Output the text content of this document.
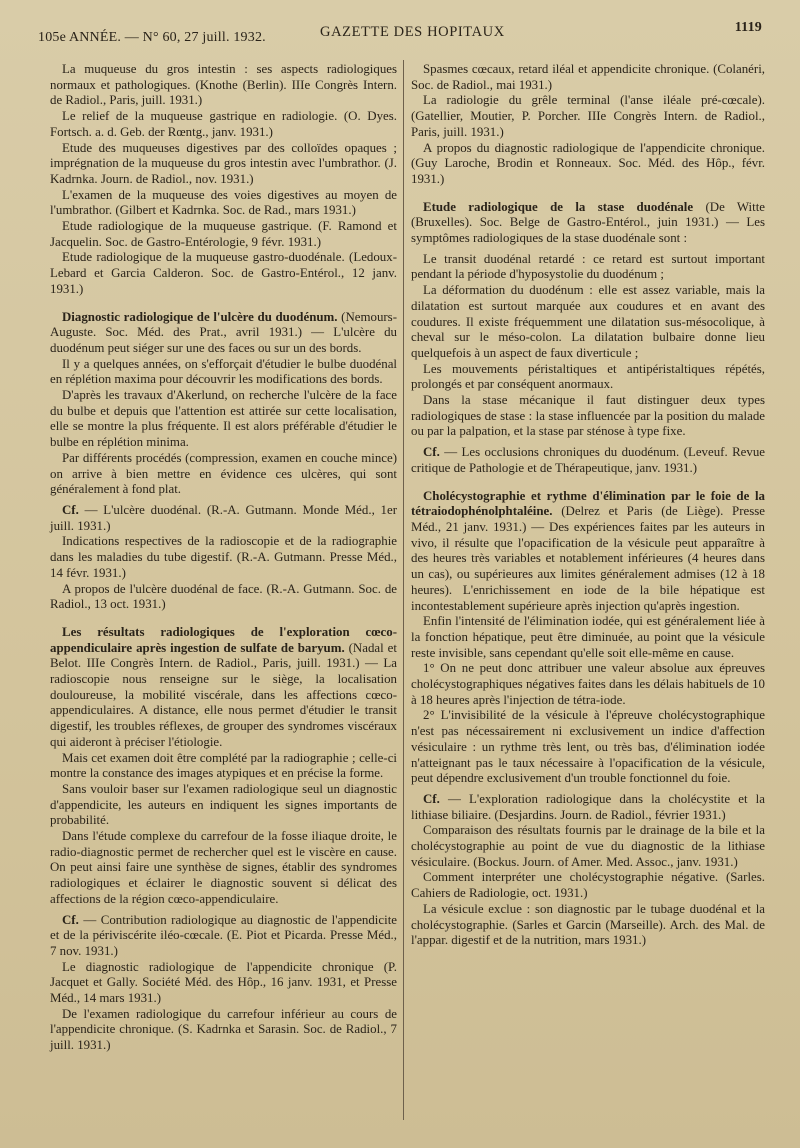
105e ANNÉE. — N° 60, 27 juill. 1932.	GAZETTE DES HOPITAUX	1119

La muqueuse du gros intestin : ses aspects radiologiques normaux et pathologiques. (Knothe (Berlin). IIIe Congrès Intern. de Radiol., Paris, juill. 1931.)

Le relief de la muqueuse gastrique en radiologie. (O. Dyes. Fortsch. a. d. Geb. der Rœntg., janv. 1931.)

Etude des muqueuses digestives par des colloïdes opaques ; imprégnation de la muqueuse du gros intestin avec l'umbrathor. (J. Kadrnka. Journ. de Radiol., nov. 1931.)

L'examen de la muqueuse des voies digestives au moyen de l'umbrathor. (Gilbert et Kadrnka. Soc. de Rad., mars 1931.)

Etude radiologique de la muqueuse gastrique. (F. Ramond et Jacquelin. Soc. de Gastro-Entérologie, 9 févr. 1931.)

Etude radiologique de la muqueuse gastro-duodénale. (Ledoux-Lebard et Garcia Calderon. Soc. de Gastro-Entérol., 12 janv. 1931.)

Diagnostic radiologique de l'ulcère du duodénum. (Nemours-Auguste. Soc. Méd. des Prat., avril 1931.) — L'ulcère du duodénum peut siéger sur une des faces ou sur un des bords.

Il y a quelques années, on s'efforçait d'étudier le bulbe duodénal en réplétion maxima pour découvrir les modifications des bords.

D'après les travaux d'Akerlund, on recherche l'ulcère de la face du bulbe et depuis que l'attention est attirée sur cette localisation, elle se montre la plus fréquente. Il est alors préférable d'étudier le bulbe en réplétion minima.

Par différents procédés (compression, examen en couche mince) on arrive à bien mettre en évidence ces ulcères, qui sont généralement à fond plat.

Cf. — L'ulcère duodénal. (R.-A. Gutmann. Monde Méd., 1er juill. 1931.)

Indications respectives de la radioscopie et de la radiographie dans les maladies du tube digestif. (R.-A. Gutmann. Presse Méd., 14 févr. 1931.)

A propos de l'ulcère duodénal de face. (R.-A. Gutmann. Soc. de Radiol., 13 oct. 1931.)

Les résultats radiologiques de l'exploration cœco-appendiculaire après ingestion de sulfate de baryum. (Nadal et Belot. IIIe Congrès Intern. de Radiol., Paris, juill. 1931.) — La radioscopie nous renseigne sur le siège, la localisation douloureuse, la mobilité viscérale, dans les affections cœco-appendiculaires. A distance, elle nous permet d'étudier le transit digestif, les troubles réflexes, de grouper des syndromes viscéraux qui aideront à préciser l'étiologie.

Mais cet examen doit être complété par la radiographie ; celle-ci montre la constance des images atypiques et en précise la forme.

Sans vouloir baser sur l'examen radiologique seul un diagnostic d'appendicite, les auteurs en indiquent les signes importants de probabilité.

Dans l'étude complexe du carrefour de la fosse iliaque droite, le radio-diagnostic permet de rechercher quel est le viscère en cause. On peut ainsi faire une synthèse de signes, établir des syndromes radiologiques et éclairer le diagnostic souvent si délicat des affections de la région cœco-appendiculaire.

Cf. — Contribution radiologique au diagnostic de l'appendicite et de la périviscérite iléo-cœcale. (E. Piot et Picarda. Presse Méd., 7 nov. 1931.)

Le diagnostic radiologique de l'appendicite chronique (P. Jacquet et Gally. Société Méd. des Hôp., 16 janv. 1931, et Presse Méd., 14 mars 1931.)

De l'examen radiologique du carrefour inférieur au cours de l'appendicite chronique. (S. Kadrnka et Sarasin. Soc. de Radiol., 7 juill. 1931.)

Spasmes cœcaux, retard iléal et appendicite chronique. (Colanéri, Soc. de Radiol., mai 1931.)

La radiologie du grêle terminal (l'anse iléale pré-cœcale). (Gatellier, Moutier, P. Porcher. IIIe Congrès Intern. de Radiol., Paris, juill. 1931.)

A propos du diagnostic radiologique de l'appendicite chronique. (Guy Laroche, Brodin et Ronneaux. Soc. Méd. des Hôp., févr. 1931.)

Etude radiologique de la stase duodénale (De Witte (Bruxelles). Soc. Belge de Gastro-Entérol., juin 1931.) — Les symptômes radiologiques de la stase duodénale sont :

Le transit duodénal retardé : ce retard est surtout important pendant la période d'hyposystolie du duodénum ;

La déformation du duodénum : elle est assez variable, mais la dilatation est surtout marquée aux coudures et en avant des coudures. Il existe fréquemment une dilatation sus-mésocolique, à cheval sur le méso-colon. La dilatation bulbaire donne lieu quelquefois à un aspect de faux diverticule ;

Les mouvements péristaltiques et antipéristaltiques répétés, prolongés et par conséquent anormaux.

Dans la stase mécanique il faut distinguer deux types radiologiques de stase : la stase influencée par la position du malade ou par la palpation, et la stase par sténose à type fixe.

Cf. — Les occlusions chroniques du duodénum. (Leveuf. Revue critique de Pathologie et de Thérapeutique, janv. 1931.)

Cholécystographie et rythme d'élimination par le foie de la tétraiodophénolphtaléine. (Delrez et Paris (de Liège). Presse Méd., 21 janv. 1931.) — Des expériences faites par les auteurs in vivo, il résulte que l'opacification de la vésicule peut apparaître à des heures très variables et notablement inférieures (4 heures dans un cas), ou supérieures aux limites généralement admises (12 à 18 heures). L'enrichissement en iode de la bile hépatique est incontestablement supérieure après injection qu'après ingestion.

Enfin l'intensité de l'élimination iodée, qui est généralement liée à la fonction hépatique, peut être diminuée, au point que la vésicule reste invisible, sans cependant qu'elle soit elle-même en cause.

1° On ne peut donc attribuer une valeur absolue aux épreuves cholécystographiques négatives faites dans les délais habituels de 10 à 18 heures après l'injection de tétra-iode.

2° L'invisibilité de la vésicule à l'épreuve cholécystographique n'est pas nécessairement ni exclusivement un indice d'affection vésiculaire : un rythme très lent, ou très bas, d'élimination iodée n'atteignant pas le taux nécessaire à l'opacification de la vésicule, peut dépendre exclusivement d'un trouble fonctionnel du foie.

Cf. — L'exploration radiologique dans la cholécystite et la lithiase biliaire. (Desjardins. Journ. de Radiol., février 1931.)

Comparaison des résultats fournis par le drainage de la bile et la cholécystographie au point de vue du diagnostic de la lithiase vésiculaire. (Bockus. Journ. of Amer. Med. Assoc., janv. 1931.)

Comment interpréter une cholécystographie négative. (Sarles. Cahiers de Radiologie, oct. 1931.)

La vésicule exclue : son diagnostic par le tubage duodénal et la cholécystographie. (Sarles et Garcin (Marseille). Arch. des Mal. de l'appar. digestif et de la nutrition, mars 1931.)
